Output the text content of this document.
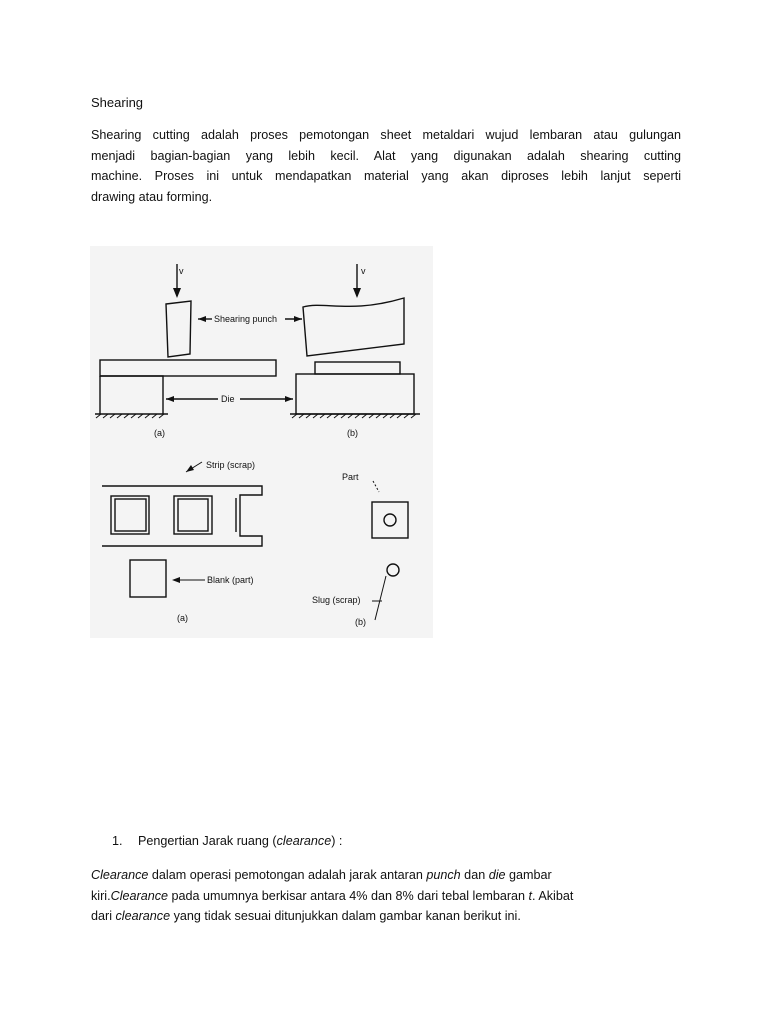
Shearing
Shearing cutting adalah proses pemotongan sheet metaldari wujud lembaran atau gulungan
menjadi bagian-bagian yang lebih kecil. Alat yang digunakan adalah shearing cutting
machine. Proses ini untuk mendapatkan material yang akan diproses lebih lanjut seperti
drawing atau forming.
v	v
Shearing punch
Die
(a)	(b)
Strip (scrap)
Part
Blank (part)
Slug (scrap)
(a)	(b)
1. Pengertian Jarak ruang (clearance) :
Clearance dalam operasi pemotongan adalah jarak antaran punch dan die gambar
kiri.Clearance pada umumnya berkisar antara 4% dan 8% dari tebal lembaran t. Akibat
dari clearance yang tidak sesuai ditunjukkan dalam gambar kanan berikut ini.
